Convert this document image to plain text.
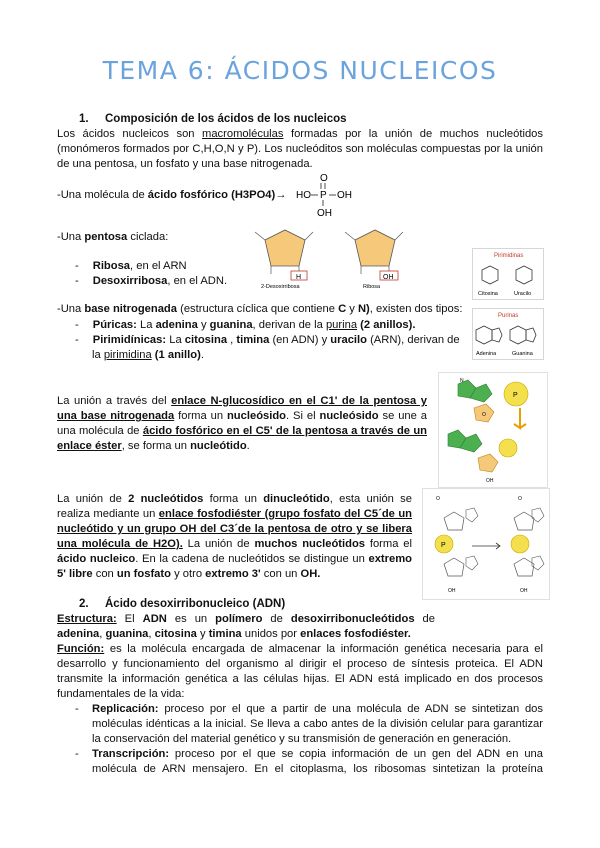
TEMA 6: ÁCIDOS NUCLEICOS

1. Composición de los ácidos de los nucleicos

Los ácidos nucleicos son macromoléculas formadas por la unión de muchos nucleótidos

(monómeros formados por C,H,O,N y P). Los nucleóditos son moléculas compuestas por la unión

de una pentosa, un fosfato y una base nitrogenada.

-Una molécula de ácido fosfórico (H3PO4)→

O
HO P OH
OH

-Una pentosa ciclada:

- Ribosa, en el ARN

- Desoxirribosa, en el ADN.	H
2-Desoxirribosa
OH
Ribosa
Pirimidinas
Citosina	Uracilo
Purinas
Adenina	Guanina

-Una base nitrogenada (estructura cíclica que contiene C y N), existen dos tipos:

- Púricas: La adenina y guanina, derivan de la purina (2 anillos).

- Pirimidínicas: La citosina , timina (en ADN) y uracilo (ARN), derivan de

la pirimidina (1 anillo).

La unión a través del enlace N-glucosídico en el C1' de la pentosa y

una base nitrogenada forma un nucleósido. Si el nucleósido se une a

una molécula de ácido fosfórico en el C5' de la pentosa a través de un

enlace éster, se forma un nucleótido.

N
P
O
OH

La unión de 2 nucleótidos forma un dinucleótido, esta unión se

realiza mediante un enlace fosfodiéster (grupo fosfato del C5´de un

nucleótido y un grupo OH del C3´de la pentosa de otro y se libera

una molécula de H2O). La unión de muchos nucleótidos forma el

ácido nucleico. En la cadena de nucleótidos se distingue un extremo

5' libre con un fosfato y otro extremo 3' con un OH.

O	O
P
OH	OH

2. Ácido desoxirribonucleico (ADN)

Estructura: El ADN es un polímero de desoxirribonucleótidos de

adenina, guanina, citosina y timina unidos por enlaces fosfodiéster.

Función: es la molécula encargada de almacenar la información genética necesaria para el

desarrollo y funcionamiento del organismo al dirigir el proceso de síntesis proteica. El ADN

transmite la información genética a las células hijas. El ADN está implicado en dos procesos

fundamentales de la vida:

- Replicación: proceso por el que a partir de una molécula de ADN se sintetizan dos

moléculas idénticas a la inicial. Se lleva a cabo antes de la división celular para garantizar

la conservación del material genético y su transmisión de generación en generación.

- Transcripción: proceso por el que se copia información de un gen del ADN en una

molécula de ARN mensajero. En el citoplasma, los ribosomas sintetizan la proteína
